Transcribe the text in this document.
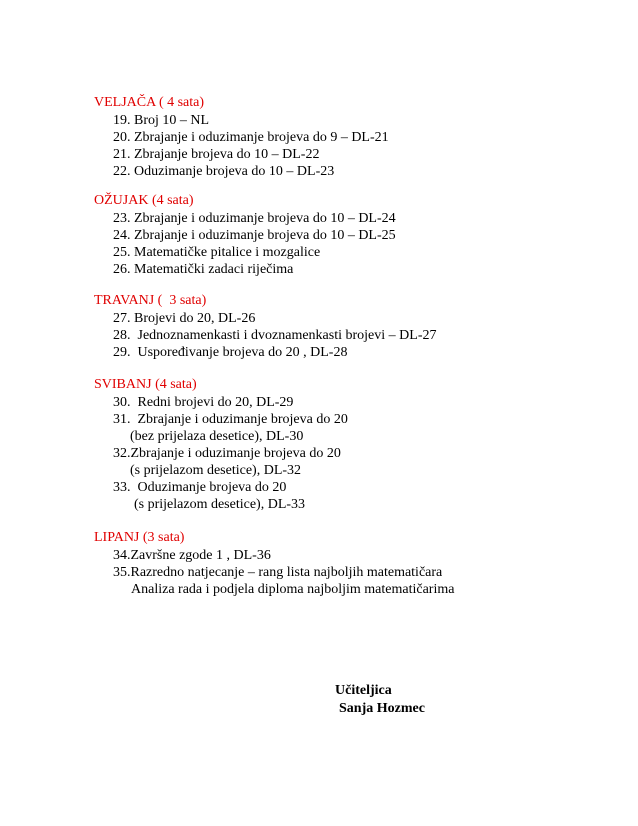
VELJAČA ( 4 sata)
19. Broj 10 – NL
20. Zbrajanje i oduzimanje brojeva do 9 – DL-21
21. Zbrajanje brojeva do 10 – DL-22
22. Oduzimanje brojeva do 10 – DL-23
OŽUJAK (4 sata)
23. Zbrajanje i oduzimanje brojeva do 10 – DL-24
24. Zbrajanje i oduzimanje brojeva do 10 – DL-25
25. Matematičke pitalice i mozgalice
26. Matematički zadaci riječima
TRAVANJ (  3 sata)
27. Brojevi do 20, DL-26
28.  Jednoznamenkasti i dvoznamenkasti brojevi – DL-27
29.  Uspoređivanje brojeva do 20 , DL-28
SVIBANJ (4 sata)
30.  Redni brojevi do 20, DL-29
31.  Zbrajanje i oduzimanje brojeva do 20
(bez prijelaza desetice), DL-30
32.Zbrajanje i oduzimanje brojeva do 20
(s prijelazom desetice), DL-32
33.  Oduzimanje brojeva do 20
(s prijelazom desetice), DL-33
LIPANJ (3 sata)
34.Završne zgode 1 , DL-36
35.Razredno natjecanje – rang lista najboljih matematičara
Analiza rada i podjela diploma najboljim matematičarima
Učiteljica
Sanja Hozmec
